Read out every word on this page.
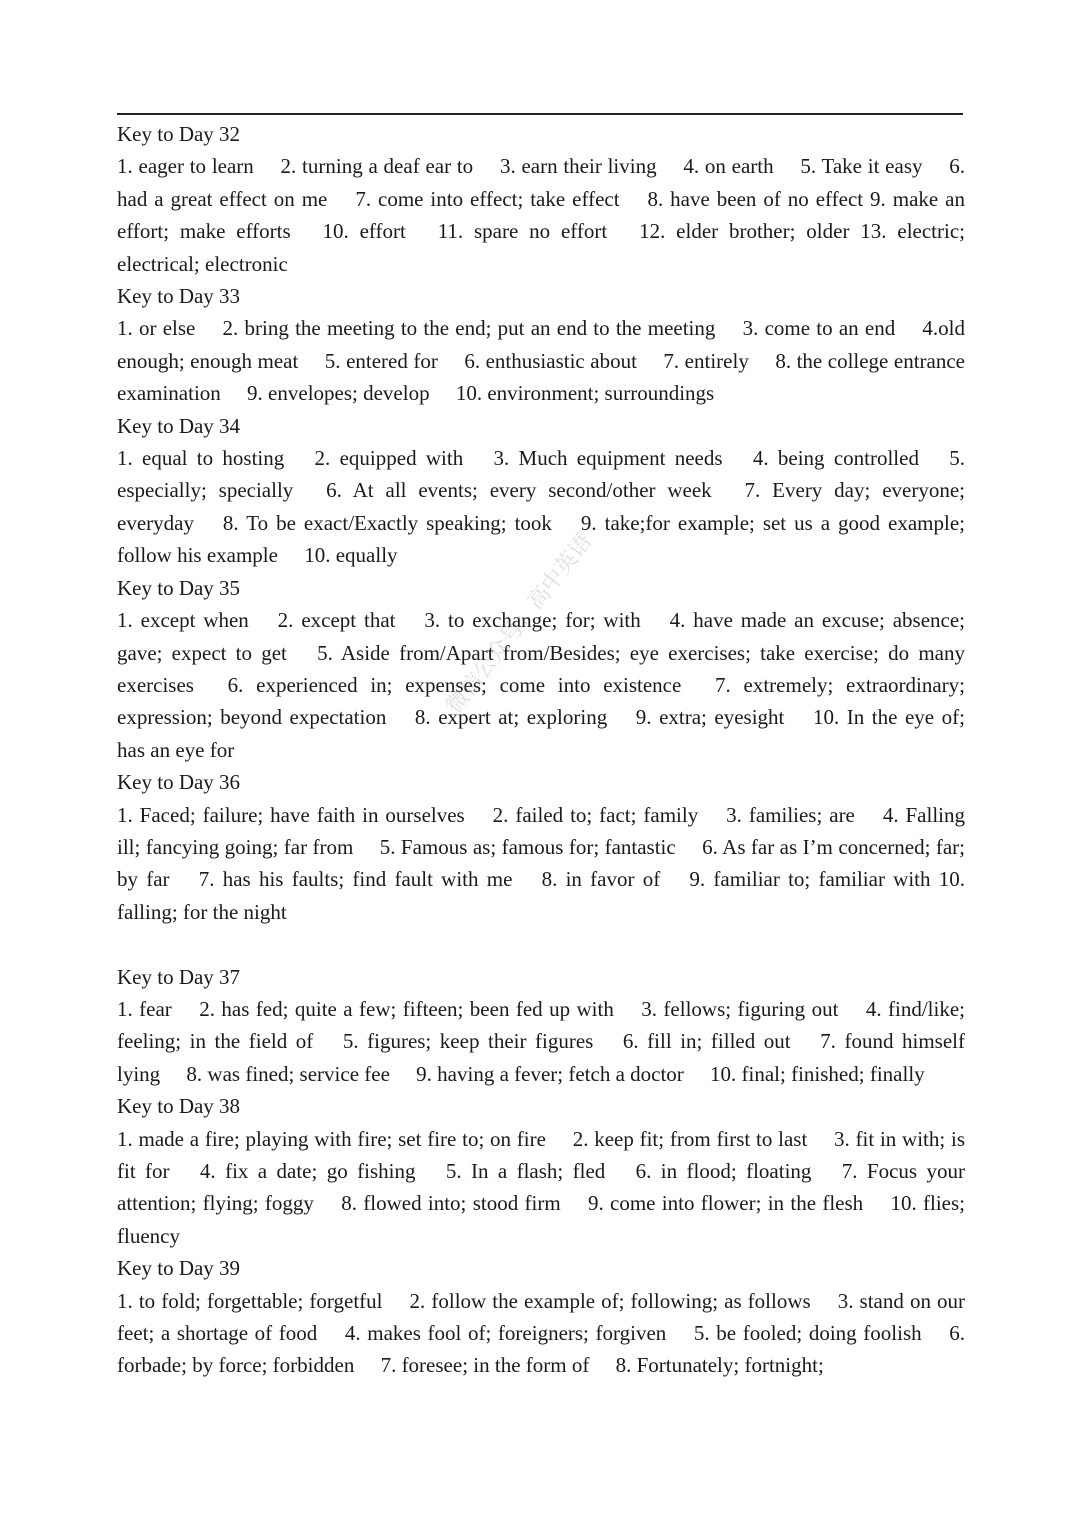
Key to Day 32

1. eager to learn  2. turning a deaf ear to  3. earn their living  4. on earth  5. Take it easy  6. had a great effect on me  7. come into effect; take effect  8. have been of no effect 9. make an effort; make efforts  10. effort  11. spare no effort  12. elder brother; older 13. electric; electrical; electronic

Key to Day 33

1. or else  2. bring the meeting to the end; put an end to the meeting  3. come to an end  4.old enough; enough meat  5. entered for  6. enthusiastic about  7. entirely  8. the college entrance examination  9. envelopes; develop  10. environment; surroundings

Key to Day 34

1. equal to hosting  2. equipped with  3. Much equipment needs  4. being controlled  5. especially; specially  6. At all events; every second/other week  7. Every day; everyone; everyday  8. To be exact/Exactly speaking; took  9. take;for example; set us a good example; follow his example  10. equally

Key to Day 35

1. except when  2. except that  3. to exchange; for; with  4. have made an excuse; absence; gave; expect to get  5. Aside from/Apart from/Besides; eye exercises; take exercise; do many exercises  6. experienced in; expenses; come into existence  7. extremely; extraordinary; expression; beyond expectation  8. expert at; exploring  9. extra; eyesight  10. In the eye of; has an eye for

Key to Day 36

1. Faced; failure; have faith in ourselves  2. failed to; fact; family  3. families; are  4. Falling ill; fancying going; far from  5. Famous as; famous for; fantastic  6. As far as I’m concerned; far; by far  7. has his faults; find fault with me  8. in favor of  9. familiar to; familiar with 10. falling; for the night

Key to Day 37

1. fear  2. has fed; quite a few; fifteen; been fed up with  3. fellows; figuring out  4. find/like; feeling; in the field of  5. figures; keep their figures  6. fill in; filled out  7. found himself lying  8. was fined; service fee  9. having a fever; fetch a doctor  10. final; finished; finally

Key to Day 38

1. made a fire; playing with fire; set fire to; on fire  2. keep fit; from first to last  3. fit in with; is fit for  4. fix a date; go fishing  5. In a flash; fled  6. in flood; floating  7. Focus your attention; flying; foggy  8. flowed into; stood firm  9. come into flower; in the flesh  10. flies; fluency

Key to Day 39

1. to fold; forgettable; forgetful  2. follow the example of; following; as follows  3. stand on our feet; a shortage of food  4. makes fool of; foreigners; forgiven  5. be fooled; doing foolish  6. forbade; by force; forbidden  7. foresee; in the form of  8. Fortunately; fortnight;

微信公众号：高中英语
